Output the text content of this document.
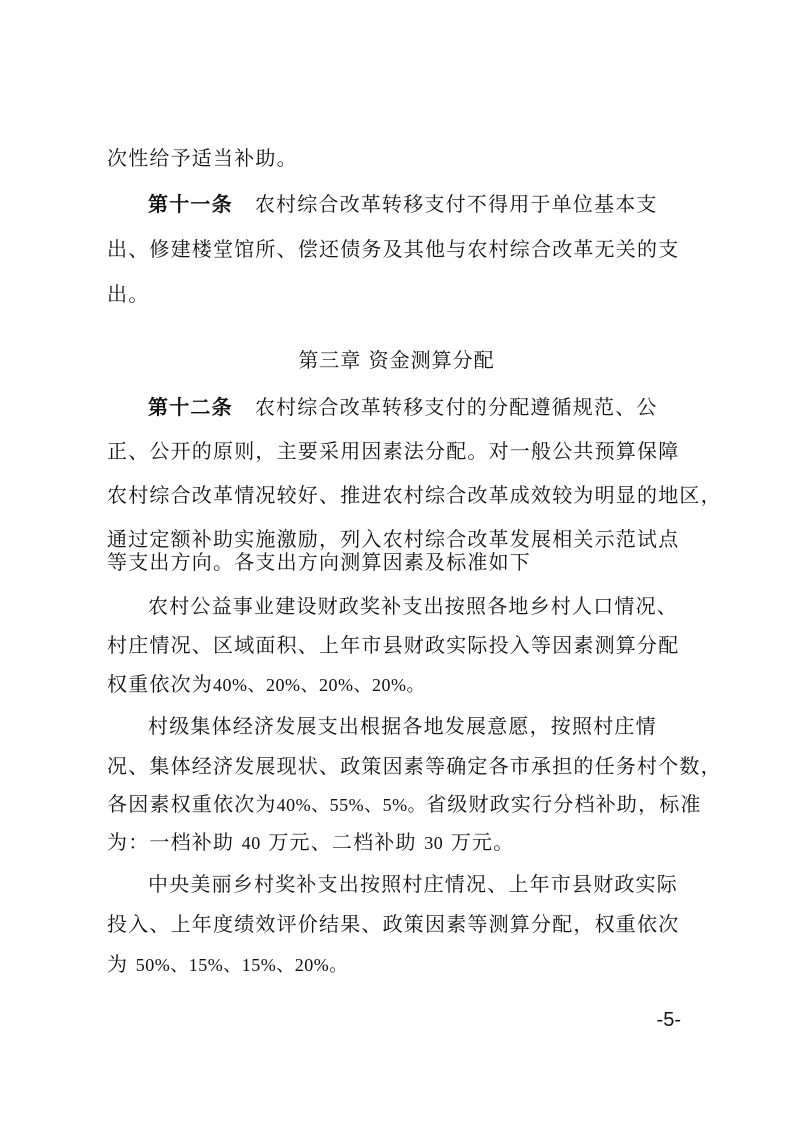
次性给予适当补助。
第十一条 农村综合改革转移支付不得用于单位基本支
出、修建楼堂馆所、偿还债务及其他与农村综合改革无关的支
出。
第三章 资金测算分配
第十二条 农村综合改革转移支付的分配遵循规范、公
正、公开的原则，主要采用因素法分配。对一般公共预算保障
农村综合改革情况较好、推进农村综合改革成效较为明显的地区，
通过定额补助实施激励，列入农村综合改革发展相关示范试点
等支出方向。各支出方向测算因素及标准如下
农村公益事业建设财政奖补支出按照各地乡村人口情况、
村庄情况、区域面积、上年市县财政实际投入等因素测算分配
权重依次为40%、20%、20%、20%。
村级集体经济发展支出根据各地发展意愿，按照村庄情
况、集体经济发展现状、政策因素等确定各市承担的任务村个数，
各因素权重依次为40%、55%、5%。省级财政实行分档补助，标准
为：一档补助 40 万元、二档补助 30 万元。
中央美丽乡村奖补支出按照村庄情况、上年市县财政实际
投入、上年度绩效评价结果、政策因素等测算分配，权重依次
为 50%、15%、15%、20%。
-5-
